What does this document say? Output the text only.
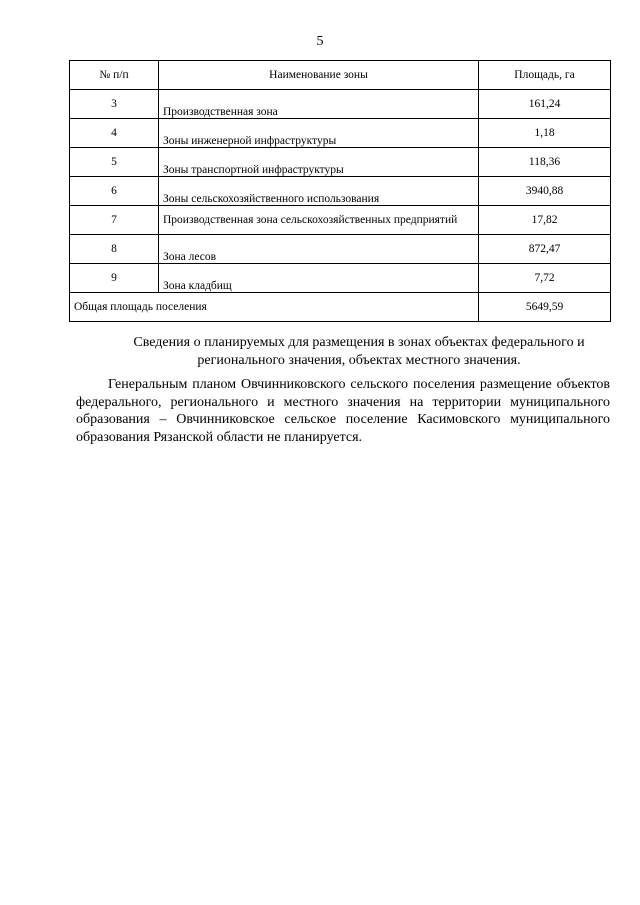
5
№ п/п	Наименование зоны	Площадь, га
3	Производственная зона	161,24
4	Зоны инженерной инфраструктуры	1,18
5	Зоны транспортной инфраструктуры	118,36
6	Зоны сельскохозяйственного использования	3940,88
7	Производственная зона сельскохозяйственных предприятий	17,82
8	Зона лесов	872,47
9	Зона кладбищ	7,72
Общая площадь поселения		5649,59
Сведения о планируемых для размещения в зонах объектах федерального и регионального значения, объектах местного значения.
Генеральным планом Овчинниковского сельского поселения размещение объектов федерального, регионального и местного значения на территории муниципального образования – Овчинниковское сельское поселение Касимовского муниципального образования Рязанской области не планируется.
